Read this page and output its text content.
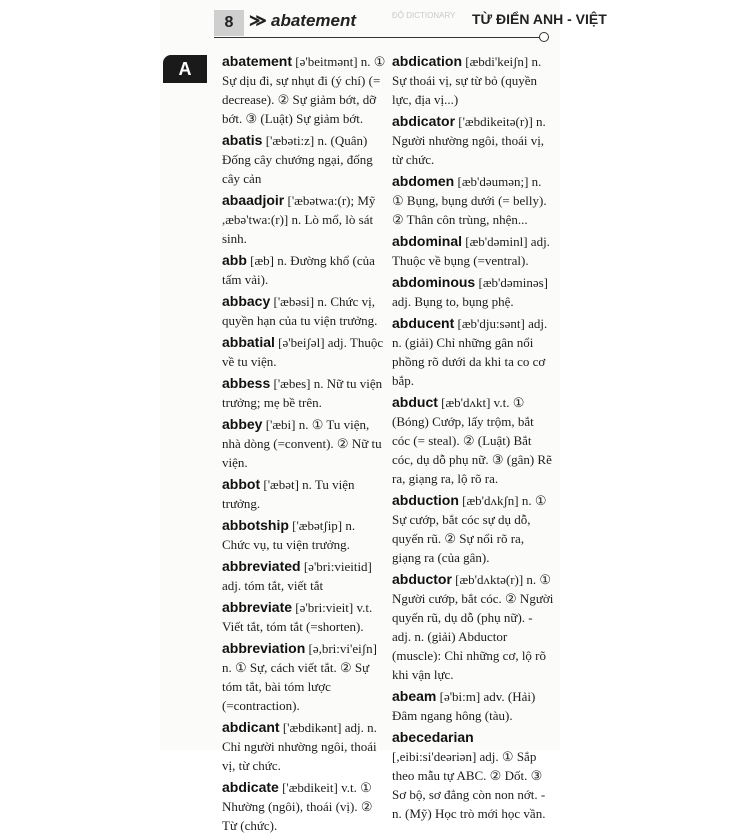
8 ≫ abatement	ĐỘ DICTIONARY TỪ ĐIỂN ANH - VIỆT
A	abatement [ə'beitmənt] n. ① Sự dịu đi, sự nhụt đi (ý chí) (= decrease). ② Sự giảm bớt, dỡ bớt. ③ (Luật) Sự giảm bớt.
abatis ['æbəti:z] n. (Quân) Đống cây chướng ngại, đống cây cản
abaadjoir ['æbətwa:(r); Mỹ ,æbə'twa:(r)] n. Lò mổ, lò sát sinh.
abb [æb] n. Đường khổ (của tấm vải).
abbacy ['æbəsi] n. Chức vị, quyền hạn của tu viện trưởng.
abbatial [ə'beiʃəl] adj. Thuộc về tu viện.
abbess ['æbes] n. Nữ tu viện trưởng; mẹ bề trên.
abbey ['æbi] n. ① Tu viện, nhà dòng (=convent). ② Nữ tu viện.
abbot ['æbət] n. Tu viện trưởng.
abbotship ['æbətʃip] n. Chức vụ, tu viện trưởng.
abbreviated [ə'bri:vieitid] adj. tóm tắt, viết tắt
abbreviate [ə'bri:vieit] v.t. Viết tắt, tóm tắt (=shorten).
abbreviation [ə,bri:vi'eiʃn] n. ① Sự, cách viết tắt. ② Sự tóm tắt, bài tóm lược (=contraction).
abdicant ['æbdikənt] adj. n. Chỉ người nhường ngôi, thoái vị, từ chức.
abdicate ['æbdikeit] v.t. ① Nhường (ngôi), thoái (vị). ② Từ (chức).
abdication [æbdi'keiʃn] n. Sự thoái vị, sự từ bỏ (quyền lực, địa vị...)
abdicator ['æbdikeitə(r)] n. Người nhường ngôi, thoái vị, từ chức.
abdomen [æb'dəumən;] n. ① Bụng, bụng dưới (= belly). ② Thân côn trùng, nhện...
abdominal [æb'dəminl] adj. Thuộc về bụng (=ventral).
abdominous [æb'dəminəs] adj. Bụng to, bụng phệ.
abducent [æb'dju:sənt] adj. n. (giải) Chỉ những gân nổi phồng rõ dưới da khi ta co cơ bắp.
abduct [æb'dʌkt] v.t. ① (Bóng) Cướp, lấy trộm, bắt cóc (= steal). ② (Luật) Bắt cóc, dụ dỗ phụ nữ. ③ (gân) Rẽ ra, giạng ra, lộ rõ ra.
abduction [æb'dʌkʃn] n. ① Sự cướp, bắt cóc sự dụ dỗ, quyến rũ. ② Sự nổi rõ ra, giạng ra (của gân).
abductor [æb'dʌktə(r)] n. ① Người cướp, bắt cóc. ② Người quyến rũ, dụ dỗ (phụ nữ). - adj. n. (giải) Abductor (muscle): Chỉ những cơ, lộ rõ khi vận lực.
abeam [ə'bi:m] adv. (Hải) Đâm ngang hông (tàu).
abecedarian [,eibi:si'deəriən] adj. ① Sắp theo mẫu tự ABC. ② Dốt. ③ Sơ bộ, sơ đẳng còn non nớt. - n. (Mỹ) Học trò mới học vần.
